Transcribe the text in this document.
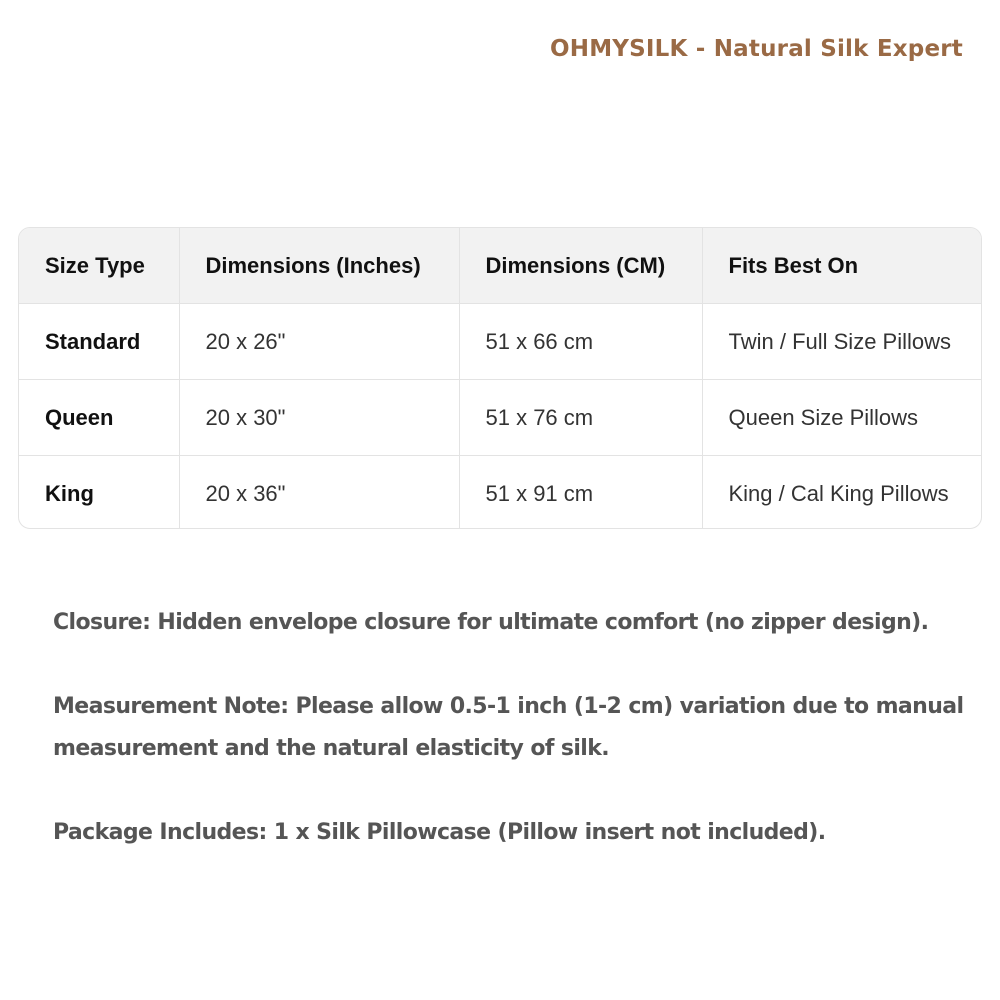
OHMYSILK - Natural Silk Expert
Size Type	Dimensions (Inches)	Dimensions (CM)	Fits Best On
Standard	20 x 26"	51 x 66 cm	Twin / Full Size Pillows
Queen	20 x 30"	51 x 76 cm	Queen Size Pillows
King	20 x 36"	51 x 91 cm	King / Cal King Pillows

Closure: Hidden envelope closure for ultimate comfort (no zipper design).

Measurement Note: Please allow 0.5-1 inch (1-2 cm) variation due to manual measurement and the natural elasticity of silk.

Package Includes: 1 x Silk Pillowcase (Pillow insert not included).
